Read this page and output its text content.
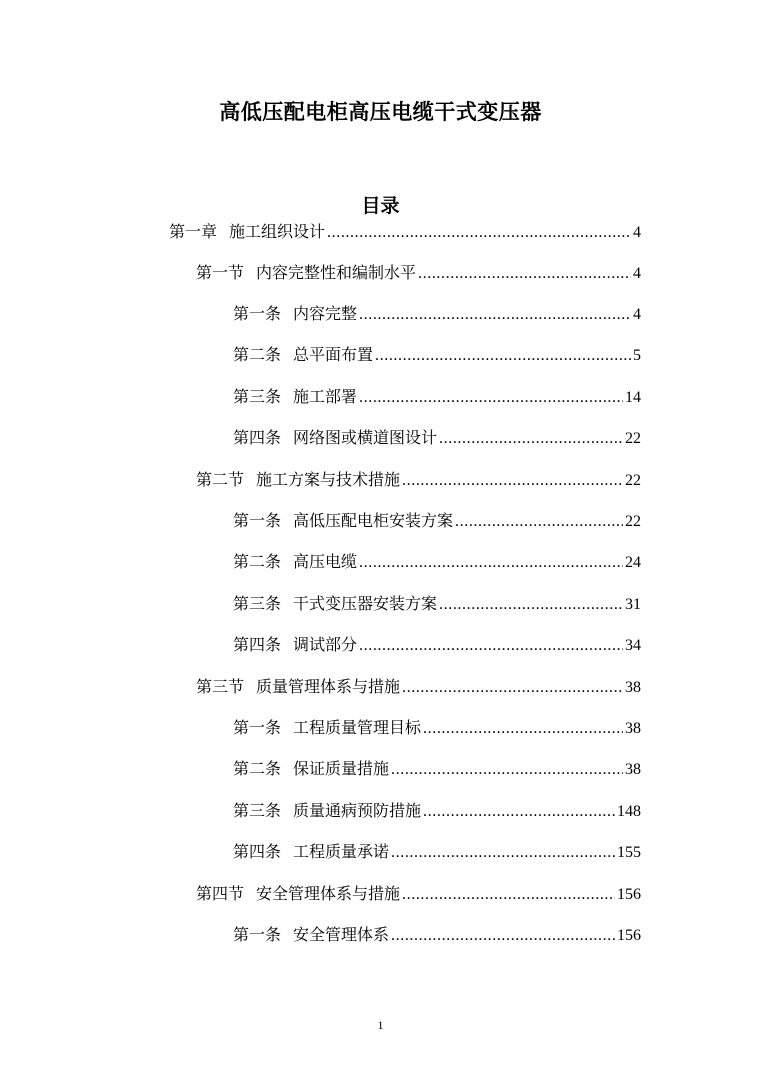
高低压配电柜高压电缆干式变压器
目录
第一章 施工组织设计 .....	4
第一节 内容完整性和编制水平 .....	4
第一条 内容完整 .....	4
第二条 总平面布置 .....	5
第三条 施工部署 .....	14
第四条 网络图或横道图设计 .....	22
第二节 施工方案与技术措施 .....	22
第一条 高低压配电柜安装方案 .....	22
第二条 高压电缆 .....	24
第三条 干式变压器安装方案 .....	31
第四条 调试部分 .....	34
第三节 质量管理体系与措施 .....	38
第一条 工程质量管理目标 .....	38
第二条 保证质量措施 .....	38
第三条 质量通病预防措施 .....	148
第四条 工程质量承诺 .....	155
第四节 安全管理体系与措施 .....	156
第一条 安全管理体系 .....	156
1
